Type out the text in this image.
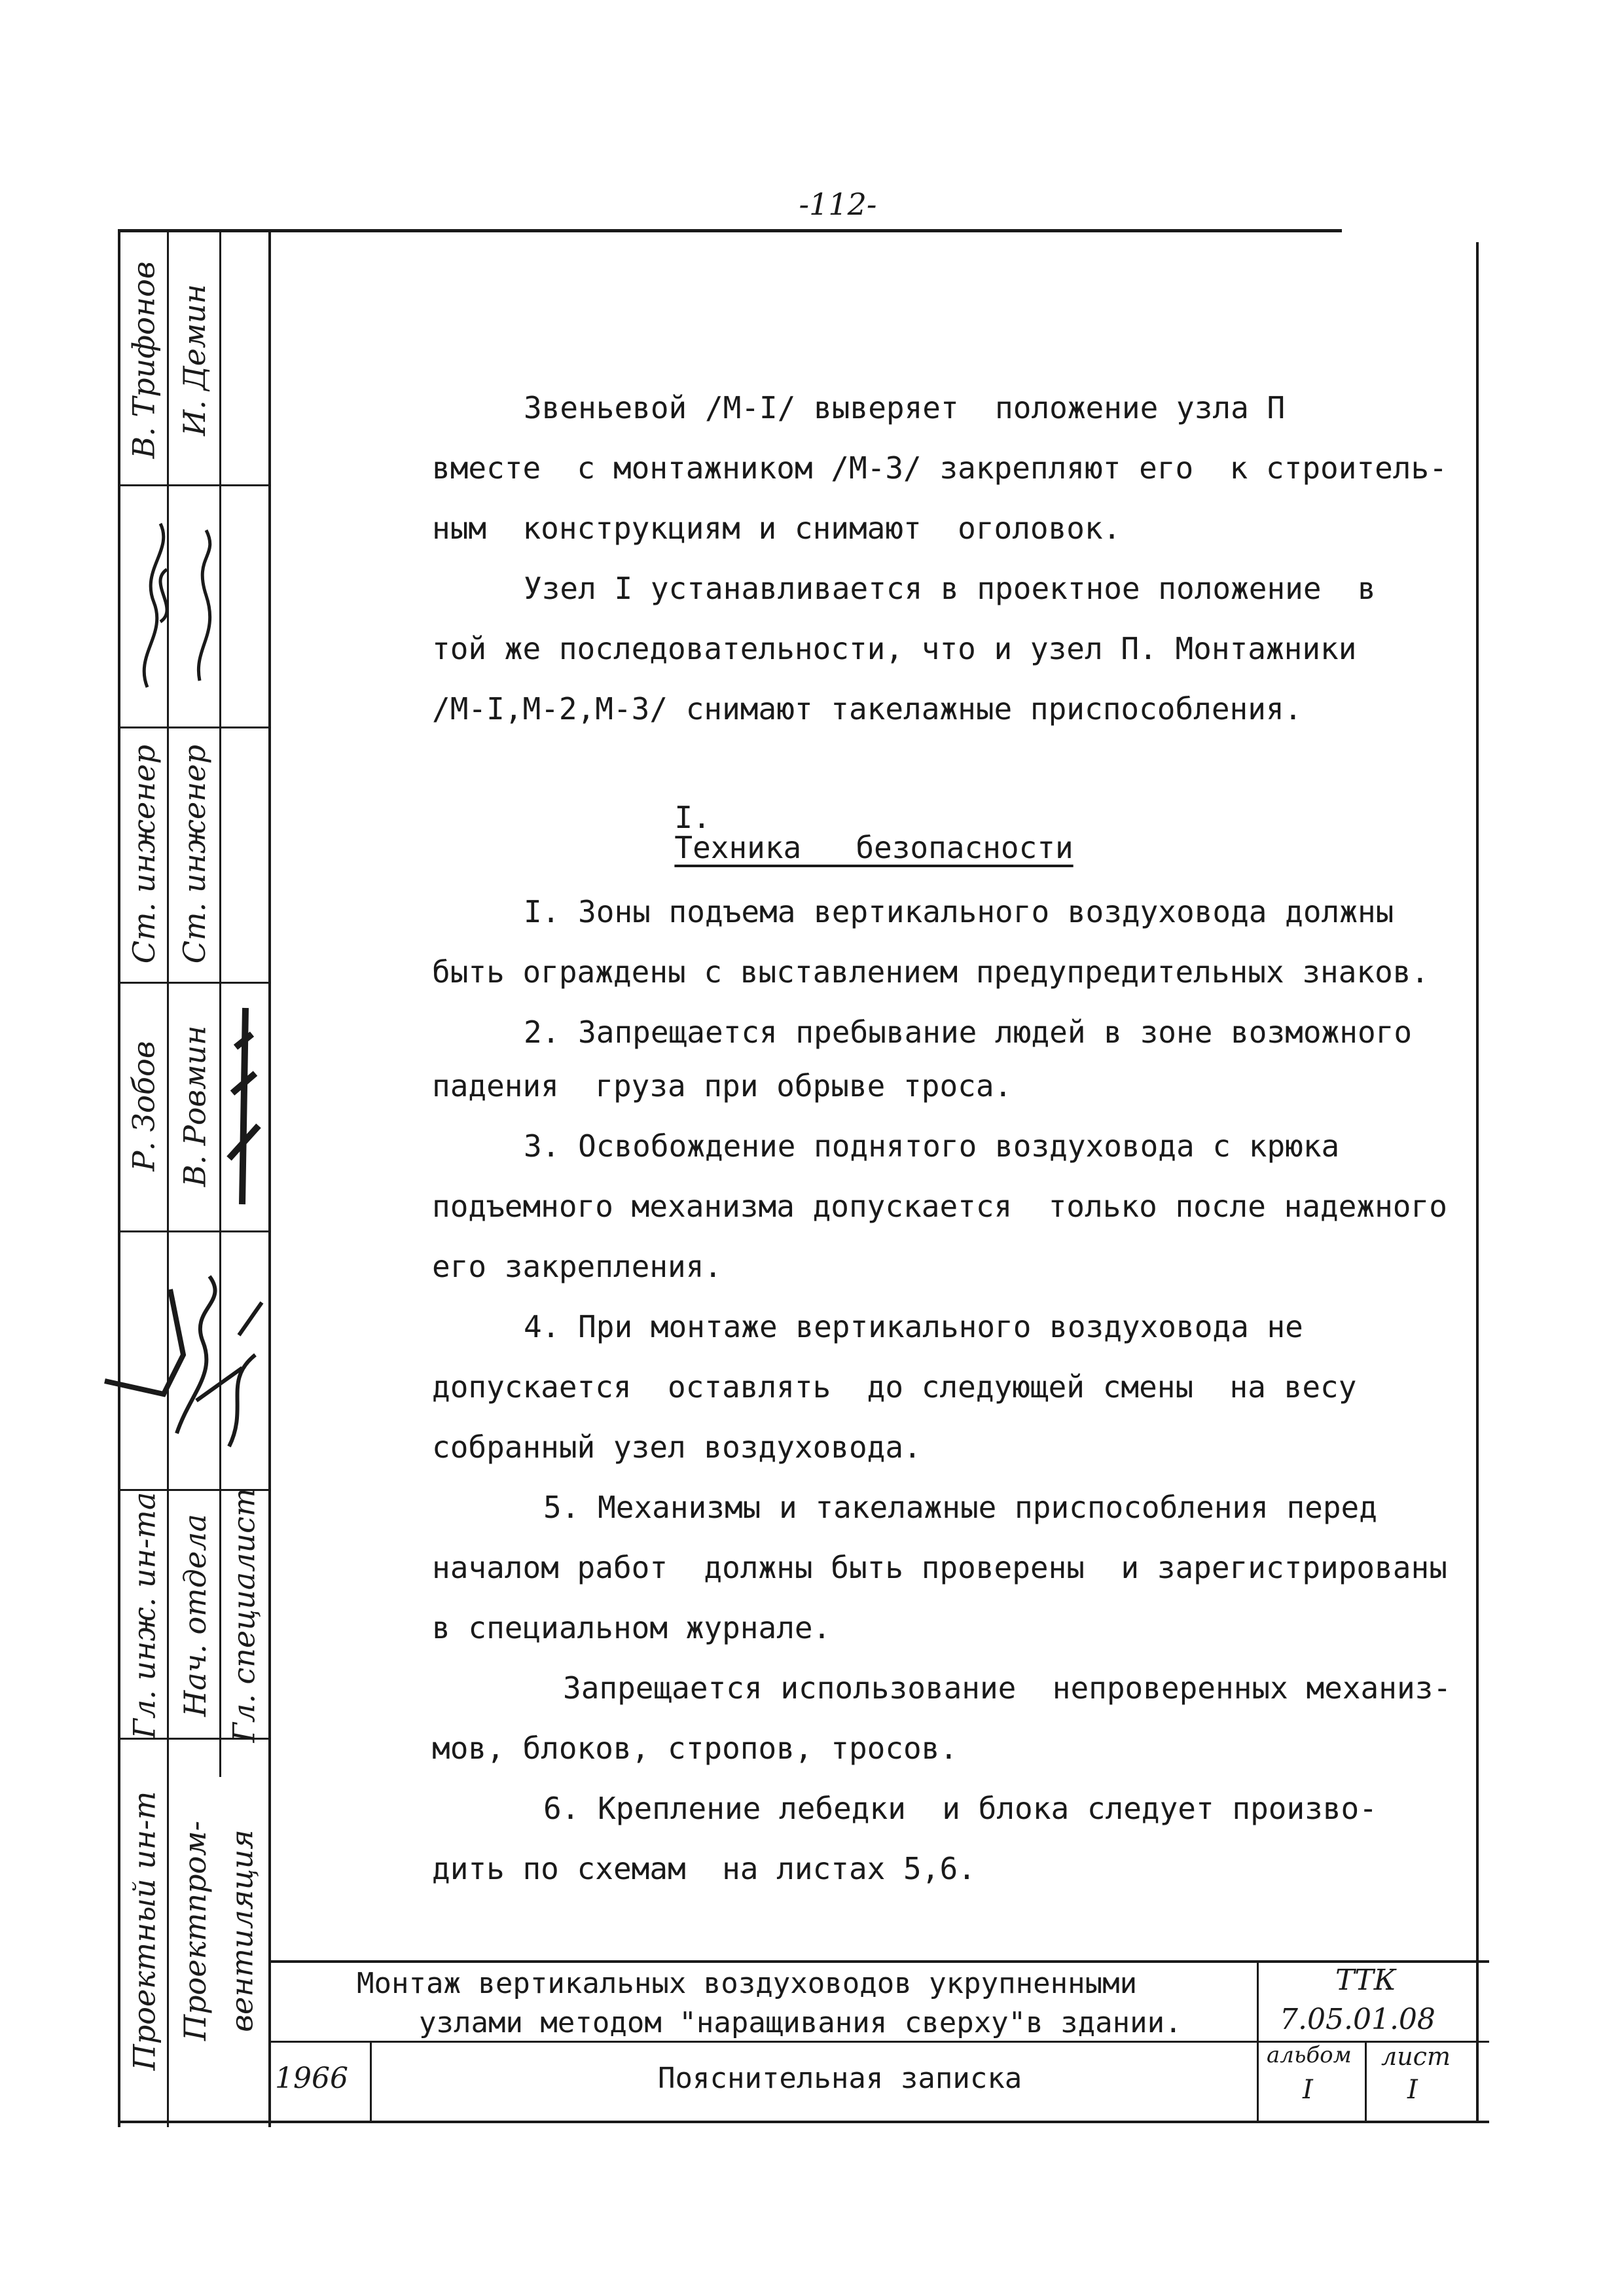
-112-
В. Трифонов И. Демин
Ст. инженер Ст. инженер
Р. Зобов В. Ровмин
Гл. инж. ин-та Нач. отдела Гл. специалист
Проектный ин-т Проектпром- вентиляция
Звеньевой /М-I/ выверяет  положение узла П
вместе  с монтажником /М-3/ закрепляют его  к строитель-
ным  конструкциям и снимают  оголовок.
Узел I устанавливается в проектное положение  в
той же последовательности, что и узел П. Монтажники
/М-I,М-2,М-3/ снимают такелажные приспособления.

I.
Техника   безопасности

I. Зоны подъема вертикального воздуховода должны
быть ограждены с выставлением предупредительных знаков.
2. Запрещается пребывание людей в зоне возможного
падения  груза при обрыве троса.
3. Освобождение поднятого воздуховода с крюка
подъемного механизма допускается  только после надежного
его закрепления.
4. При монтаже вертикального воздуховода не
допускается  оставлять  до следующей смены  на весу
собранный узел воздуховода.
5. Механизмы и такелажные приспособления перед
началом работ  должны быть проверены  и зарегистрированы
в специальном журнале.
Запрещается использование  непроверенных механиз-
мов, блоков, стропов, тросов.
6. Крепление лебедки  и блока следует произво-
дить по схемам  на листах 5,6.
Монтаж вертикальных воздуховодов укрупненными
узлами методом "наращивания сверху"в здании.
ТТК
7.05.01.08
1966	Пояснительная записка
альбом
I
лист
I
